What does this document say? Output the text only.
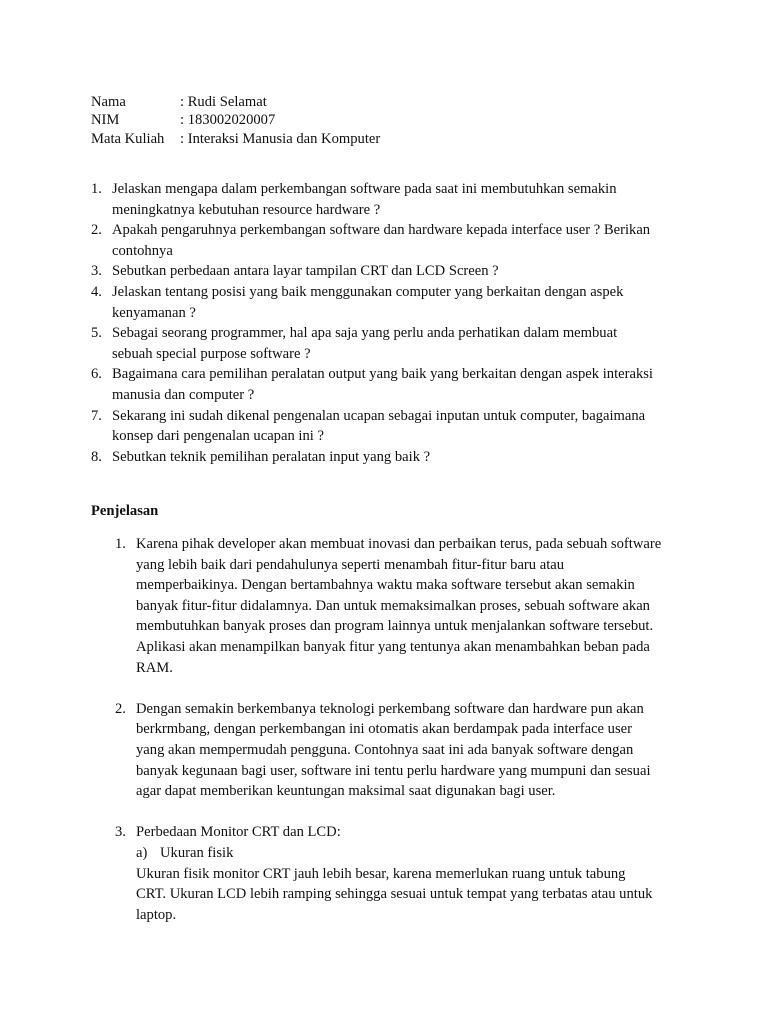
Nama	: Rudi Selamat
NIM	: 183002020007
Mata Kuliah : Interaksi Manusia dan Komputer
1. Jelaskan mengapa dalam perkembangan software pada saat ini membutuhkan semakin
meningkatnya kebutuhan resource hardware ?
2. Apakah pengaruhnya perkembangan software dan hardware kepada interface user ? Berikan
contohnya
3. Sebutkan perbedaan antara layar tampilan CRT dan LCD Screen ?
4. Jelaskan tentang posisi yang baik menggunakan computer yang berkaitan dengan aspek
kenyamanan ?
5. Sebagai seorang programmer, hal apa saja yang perlu anda perhatikan dalam membuat
sebuah special purpose software ?
6. Bagaimana cara pemilihan peralatan output yang baik yang berkaitan dengan aspek interaksi
manusia dan computer ?
7. Sekarang ini sudah dikenal pengenalan ucapan sebagai inputan untuk computer, bagaimana
konsep dari pengenalan ucapan ini ?
8. Sebutkan teknik pemilihan peralatan input yang baik ?
Penjelasan
1. Karena pihak developer akan membuat inovasi dan perbaikan terus, pada sebuah software
yang lebih baik dari pendahulunya seperti menambah fitur-fitur baru atau
memperbaikinya. Dengan bertambahnya waktu maka software tersebut akan semakin
banyak fitur-fitur didalamnya. Dan untuk memaksimalkan proses, sebuah software akan
membutuhkan banyak proses dan program lainnya untuk menjalankan software tersebut.
Aplikasi akan menampilkan banyak fitur yang tentunya akan menambahkan beban pada
RAM.
2. Dengan semakin berkembanya teknologi perkembang software dan hardware pun akan
berkrmbang, dengan perkembangan ini otomatis akan berdampak pada interface user
yang akan mempermudah pengguna. Contohnya saat ini ada banyak software dengan
banyak kegunaan bagi user, software ini tentu perlu hardware yang mumpuni dan sesuai
agar dapat memberikan keuntungan maksimal saat digunakan bagi user.
3. Perbedaan Monitor CRT dan LCD:
a) Ukuran fisik
Ukuran fisik monitor CRT jauh lebih besar, karena memerlukan ruang untuk tabung
CRT. Ukuran LCD lebih ramping sehingga sesuai untuk tempat yang terbatas atau untuk
laptop.
